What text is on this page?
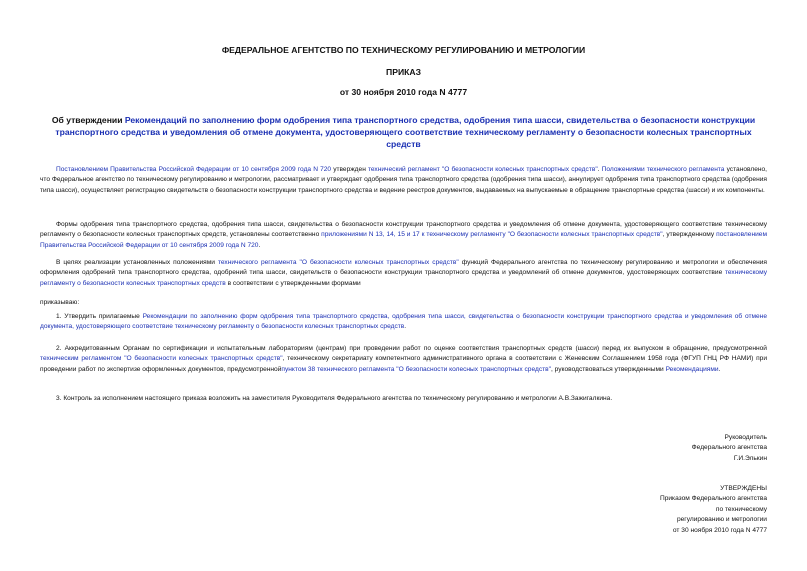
ФЕДЕРАЛЬНОЕ АГЕНТСТВО ПО ТЕХНИЧЕСКОМУ РЕГУЛИРОВАНИЮ И МЕТРОЛОГИИ
ПРИКАЗ
от 30 ноября 2010 года N 4777
Об утверждении Рекомендаций по заполнению форм одобрения типа транспортного средства, одобрения типа шасси, свидетельства о безопасности конструкции транспортного средства и уведомления об отмене документа, удостоверяющего соответствие техническому регламенту о безопасности колесных транспортных средств

Постановлением Правительства Российской Федерации от 10 сентября 2009 года N 720 утвержден технический регламент "О безопасности колесных транспортных средств". Положениями технического регламента установлено, что Федеральное агентство по техническому регулированию и метрологии, рассматривает и утверждает одобрения типа транспортного средства (одобрения типа шасси), аннулирует одобрения типа транспортного средства (одобрения типа шасси), осуществляет регистрацию свидетельств о безопасности конструкции транспортного средства и ведение реестров документов, выдаваемых на выпускаемые в обращение транспортные средства (шасси) и их компоненты.

Формы одобрения типа транспортного средства, одобрения типа шасси, свидетельства о безопасности конструкции транспортного средства и уведомления об отмене документа, удостоверяющего соответствие техническому регламенту о безопасности колесных транспортных средств, установлены соответственно приложениями N 13, 14, 15 и 17 к техническому регламенту "О безопасности колесных транспортных средств", утвержденному постановлением Правительства Российской Федерации от 10 сентября 2009 года N 720.

В целях реализации установленных положениями технического регламента "О безопасности колесных транспортных средств" функций Федерального агентства по техническому регулированию и метрологии и обеспечения оформления одобрений типа транспортного средства, одобрений типа шасси, свидетельств о безопасности конструкции транспортного средства и уведомлений об отмене документов, удостоверяющих соответствие техническому регламенту о безопасности колесных транспортных средств в соответствии с утвержденными формами

приказываю:

1. Утвердить прилагаемые Рекомендации по заполнению форм одобрения типа транспортного средства, одобрения типа шасси, свидетельства о безопасности конструкции транспортного средства и уведомления об отмене документа, удостоверяющего соответствие техническому регламенту о безопасности колесных транспортных средств.

2. Аккредитованным Органам по сертификации и испытательным лабораториям (центрам) при проведении работ по оценке соответствия транспортных средств (шасси) перед их выпуском в обращение, предусмотренной техническим регламентом "О безопасности колесных транспортных средств", техническому секретариату компетентного административного органа в соответствии с Женевским Соглашением 1958 года (ФГУП ГНЦ РФ НАМИ) при проведении работ по экспертизе оформленных документов, предусмотреннойпунктом 38 технического регламента "О безопасности колесных транспортных средств", руководствоваться утвержденными Рекомендациями.

3. Контроль за исполнением настоящего приказа возложить на заместителя Руководителя Федерального агентства по техническому регулированию и метрологии А.В.Зажигалкина.

Руководитель
Федерального агентства
Г.И.Элькин
УТВЕРЖДЕНЫ
Приказом Федерального агентства
по техническому
регулированию и метрологии
от 30 ноября 2010 года N 4777
